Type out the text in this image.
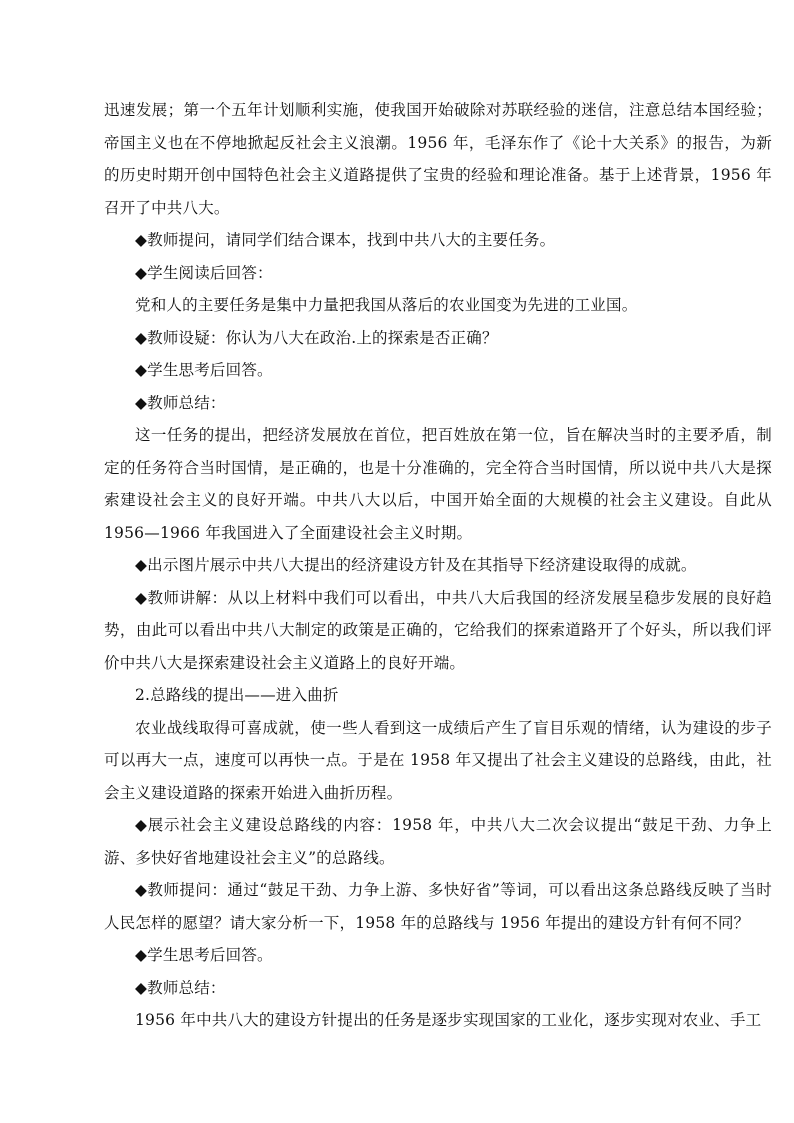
迅速发展；第一个五年计划顺利实施，使我国开始破除对苏联经验的迷信，注意总结本国经验；帝国主义也在不停地掀起反社会主义浪潮。1956 年，毛泽东作了《论十大关系》的报告，为新的历史时期开创中国特色社会主义道路提供了宝贵的经验和理论准备。基于上述背景，1956 年召开了中共八大。

◆教师提问，请同学们结合课本，找到中共八大的主要任务。

◆学生阅读后回答：

党和人的主要任务是集中力量把我国从落后的农业国变为先进的工业国。

◆教师设疑：你认为八大在政治.上的探索是否正确？

◆学生思考后回答。

◆教师总结：

这一任务的提出，把经济发展放在首位，把百姓放在第一位，旨在解决当时的主要矛盾，制定的任务符合当时国情，是正确的，也是十分准确的，完全符合当时国情，所以说中共八大是探索建设社会主义的良好开端。中共八大以后，中国开始全面的大规模的社会主义建设。自此从 1956—1966 年我国进入了全面建设社会主义时期。

◆出示图片展示中共八大提出的经济建设方针及在其指导下经济建设取得的成就。

◆教师讲解：从以上材料中我们可以看出，中共八大后我国的经济发展呈稳步发展的良好趋势，由此可以看出中共八大制定的政策是正确的，它给我们的探索道路开了个好头，所以我们评价中共八大是探索建设社会主义道路上的良好开端。

2.总路线的提出——进入曲折

农业战线取得可喜成就，使一些人看到这一成绩后产生了盲目乐观的情绪，认为建设的步子可以再大一点，速度可以再快一点。于是在 1958 年又提出了社会主义建设的总路线，由此，社会主义建设道路的探索开始进入曲折历程。

◆展示社会主义建设总路线的内容：1958 年，中共八大二次会议提出“鼓足干劲、力争上游、多快好省地建设社会主义”的总路线。

◆教师提问：通过“鼓足干劲、力争上游、多快好省”等词，可以看出这条总路线反映了当时人民怎样的愿望？请大家分析一下，1958 年的总路线与 1956 年提出的建设方针有何不同？

◆学生思考后回答。

◆教师总结：

1956 年中共八大的建设方针提出的任务是逐步实现国家的工业化，逐步实现对农业、手工
